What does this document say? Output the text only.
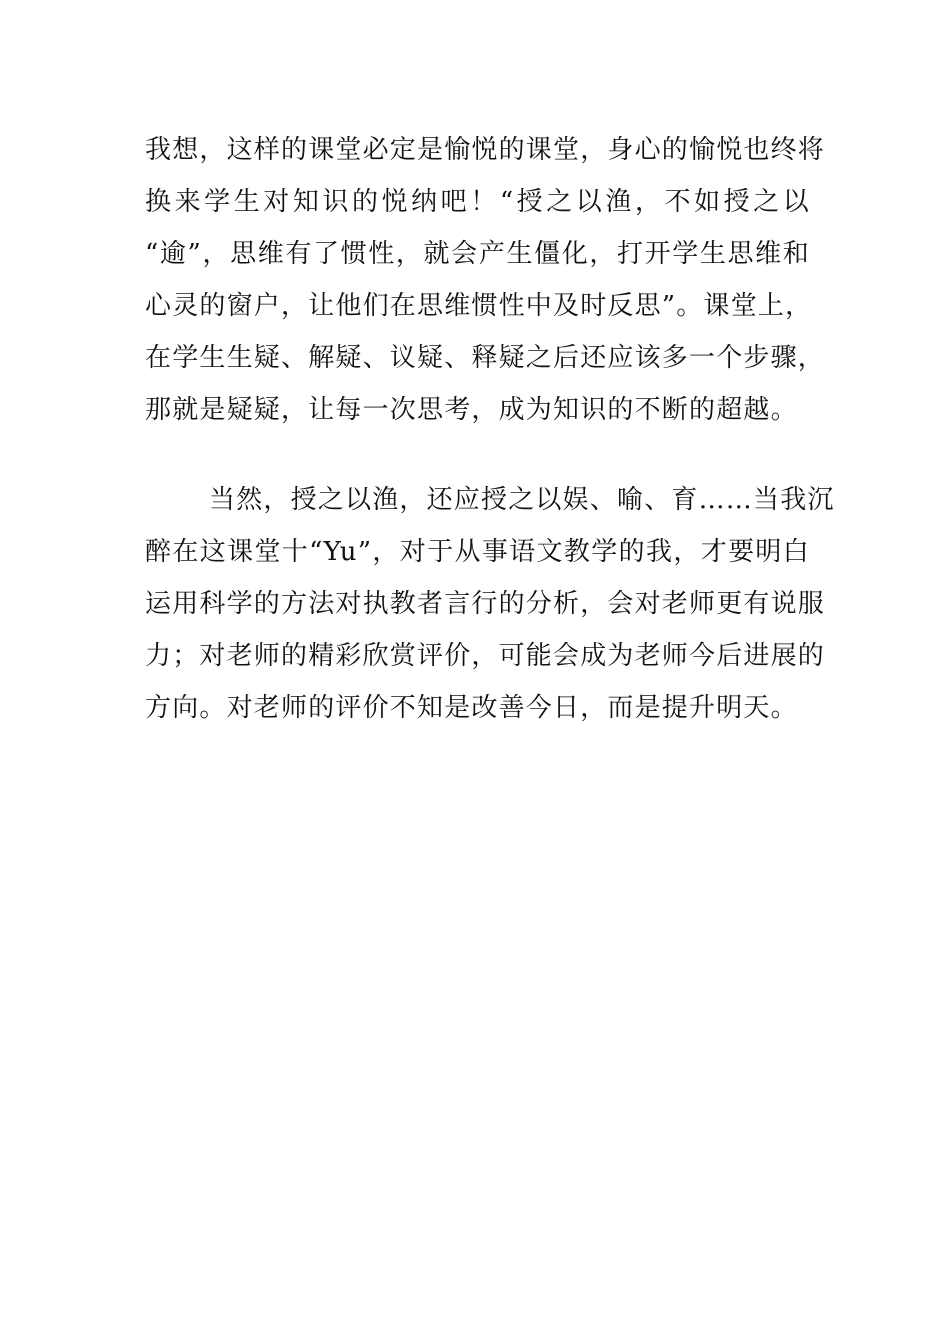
我想，这样的课堂必定是愉悦的课堂，身心的愉悦也终将
换来学生对知识的悦纳吧！“授之以渔，不如授之以
“逾”，思维有了惯性，就会产生僵化，打开学生思维和
心灵的窗户，让他们在思维惯性中及时反思”。课堂上，
在学生生疑、解疑、议疑、释疑之后还应该多一个步骤，
那就是疑疑，让每一次思考，成为知识的不断的超越。
当然，授之以渔，还应授之以娱、喻、育……当我沉
醉在这课堂十“Yu”，对于从事语文教学的我，才要明白
运用科学的方法对执教者言行的分析，会对老师更有说服
力；对老师的精彩欣赏评价，可能会成为老师今后进展的
方向。对老师的评价不知是改善今日，而是提升明天。
